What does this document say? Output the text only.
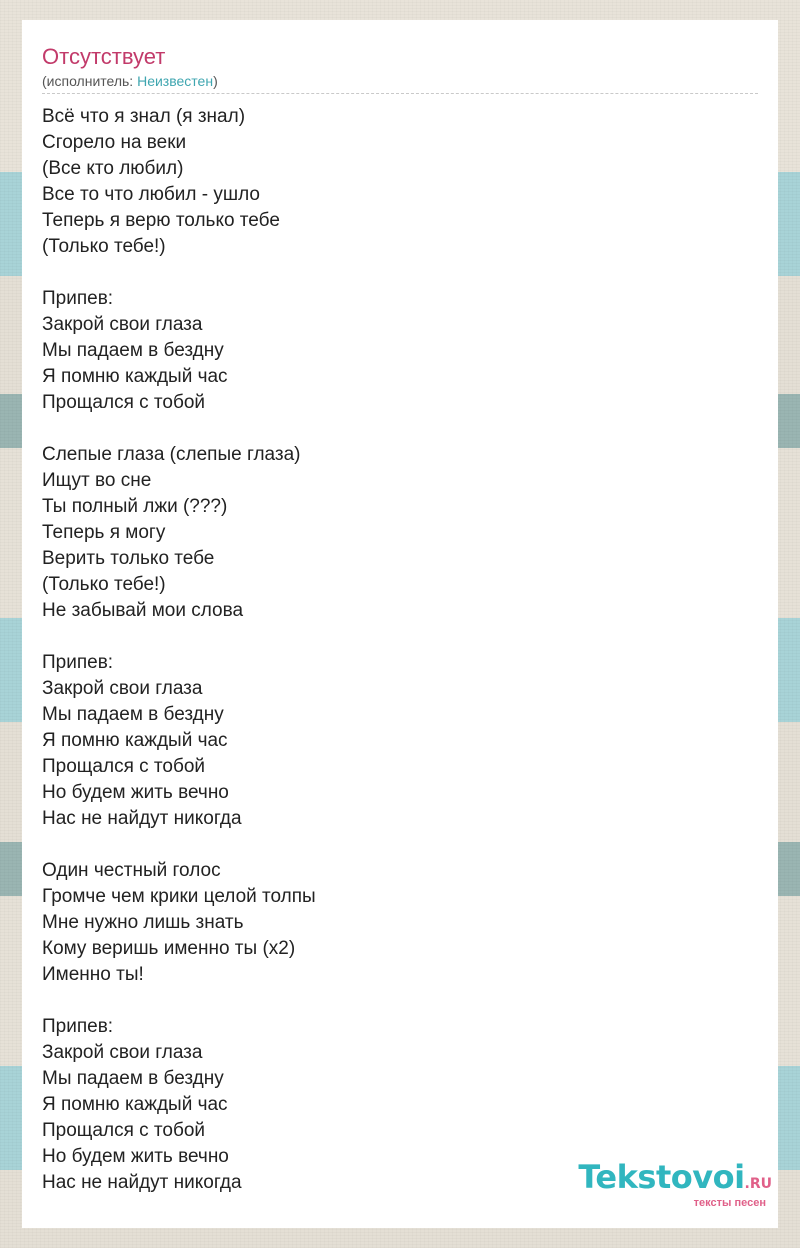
Отсутствует
(исполнитель: Неизвестен)
Всё что я знал (я знал)
Сгорело на веки
(Все кто любил)
Все то что любил - ушло
Теперь я верю только тебе
(Только тебе!)
Припев:
Закрой свои глаза
Мы падаем в бездну
Я помню каждый час
Прощался с тобой
Слепые глаза (слепые глаза)
Ищут во сне
Ты полный лжи (???)
Теперь я могу
Верить только тебе
(Только тебе!)
Не забывай мои слова
Припев:
Закрой свои глаза
Мы падаем в бездну
Я помню каждый час
Прощался с тобой
Но будем жить вечно
Нас не найдут никогда
Один честный голос
Громче чем крики целой толпы
Мне нужно лишь знать
Кому веришь именно ты (х2)
Именно ты!
Припев:
Закрой свои глаза
Мы падаем в бездну
Я помню каждый час
Прощался с тобой
Но будем жить вечно
Нас не найдут никогда	Tekstovoi.RU
тексты песен
